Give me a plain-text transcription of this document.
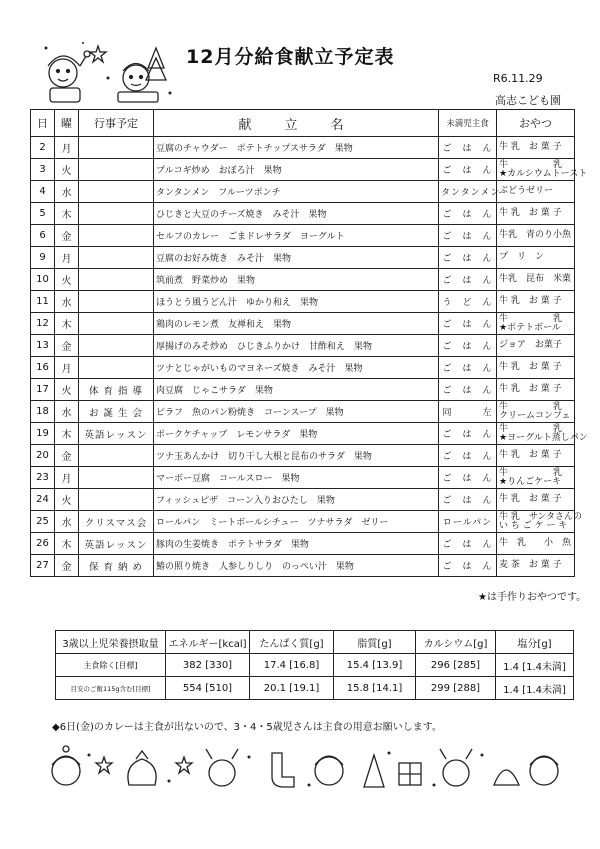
12月分給食献立予定表
R6.11.29
高志こども園
日	曜	行事予定	献　立　名	未満児主食	おやつ
2	月		豆腐のチャウダー　ポテトチップスサラダ　果物	ご　は　ん	牛 乳　お 菓 子

3	火		プルコギ炒め　おぼろ汁　果物	ご　は　ん	牛　　　　　乳
★カルシウムトースト

4	水		タンタンメン　フルーツポンチ	タンタンメン	ぶどうゼリー

5	木		ひじきと大豆のチーズ焼き　みそ汁　果物	ご　は　ん	牛 乳　お 菓 子

6	金		セルフのカレー　ごまドレサラダ　ヨーグルト	ご　は　ん	牛乳　青のり小魚

9	月		豆腐のお好み焼き　みそ汁　果物	ご　は　ん	プ　リ　ン

10	火		筑前煮　野菜炒め　果物	ご　は　ん	牛乳　昆布　米菓

11	水		ほうとう風うどん汁　ゆかり和え　果物	う　ど　ん	牛 乳　お 菓 子

12	木		鶏肉のレモン煮　友禅和え　果物	ご　は　ん	牛　　　　　乳
★ポテトボール

13	金		厚揚げのみそ炒め　ひじきふりかけ　甘酢和え　果物	ご　は　ん	ジョア　お菓子

16	月		ツナとじゃがいものマヨネーズ焼き　みそ汁　果物	ご　は　ん	牛 乳　お 菓 子

17	火	体 育 指 導	肉豆腐　じゃこサラダ　果物	ご　は　ん	牛 乳　お 菓 子

18	水	お 誕 生 会	ピラフ　魚のパン粉焼き　コーンスープ　果物	同　　　左	牛　　　　　乳
クリームコンフェ

19	木	英語レッスン	ポークケチャップ　レモンサラダ　果物	ご　は　ん	牛　　　　　乳
★ヨーグルト蒸しパン

20	金		ツナ玉あんかけ　切り干し大根と昆布のサラダ　果物	ご　は　ん	牛 乳　お 菓 子

23	月		マーボー豆腐　コールスロー　果物	ご　は　ん	牛　　　　　乳
★りんごケーキ

24	火		フィッシュピザ　コーン入りおひたし　果物	ご　は　ん	牛 乳　お 菓 子

25	水	クリスマス会	ロールパン　ミートボールシチュー　ツナサラダ　ゼリー	ロールパン	牛 乳　サンタさんの
い ち ご ケ ー キ

26	木	英語レッスン	豚肉の生姜焼き　ポテトサラダ　果物	ご　は　ん	牛　乳　　小　魚

27	金	保 育 納 め	鰆の照り焼き　人参しりしり　のっぺい汁　果物	ご　は　ん	麦 茶　お 菓 子
★は手作りおやつです。
3歳以上児栄養摂取量	エネルギー[kcal]	たんぱく質[g]	脂質[g]	カルシウム[g]	塩分[g]
主食除く[目標]	382 [330]	17.4 [16.8]	15.4 [13.9]	296 [285]	1.4 [1.4未満]
目安のご飯115g含む[目標]	554 [510]	20.1 [19.1]	15.8 [14.1]	299 [288]	1.4 [1.4未満]
◆6日(金)のカレーは主食が出ないので、3・4・5歳児さんは主食の用意お願いします。
